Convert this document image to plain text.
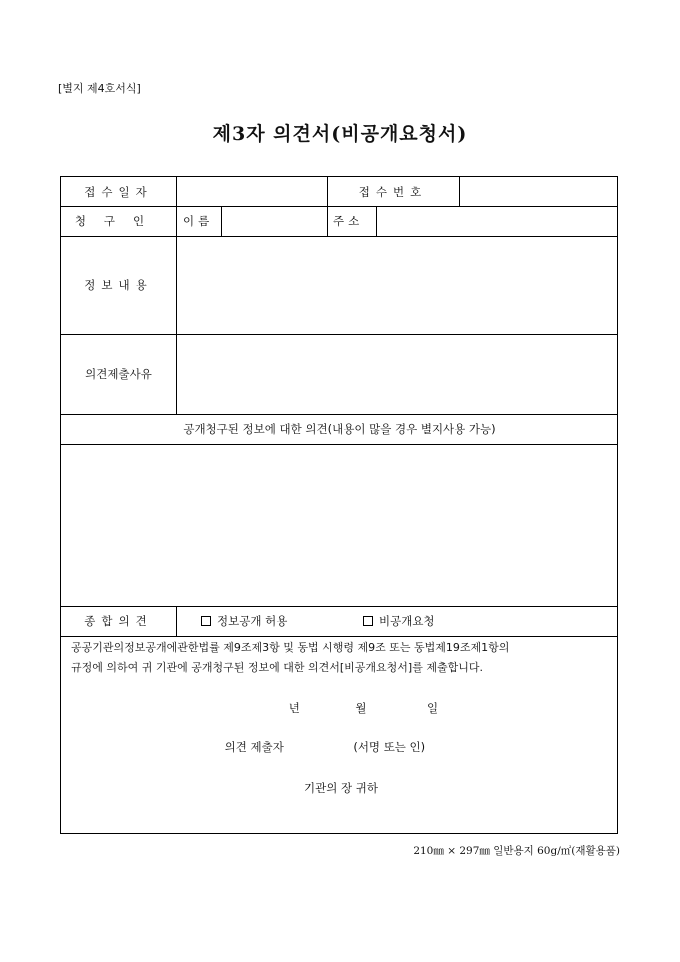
[별지 제4호서식]
제3자 의견서(비공개요청서)
접수일자	접수번호
청구인	이름	주소
정보내용
의견제출사유
공개청구된 정보에 대한 의견(내용이 많을 경우 별지사용 가능)
종합의견	정보공개 허용	비공개요청
공공기관의정보공개에관한법률 제9조제3항 및 동법 시행령 제9조 또는 동법제19조제1항의
규정에 의하여 귀 기관에 공개청구된 정보에 대한 의견서[비공개요청서]를 제출합니다.
년	월	일
의견 제출자	(서명 또는 인)
기관의 장 귀하
210㎜ × 297㎜ 일반용지 60g/㎡(재활용품)
